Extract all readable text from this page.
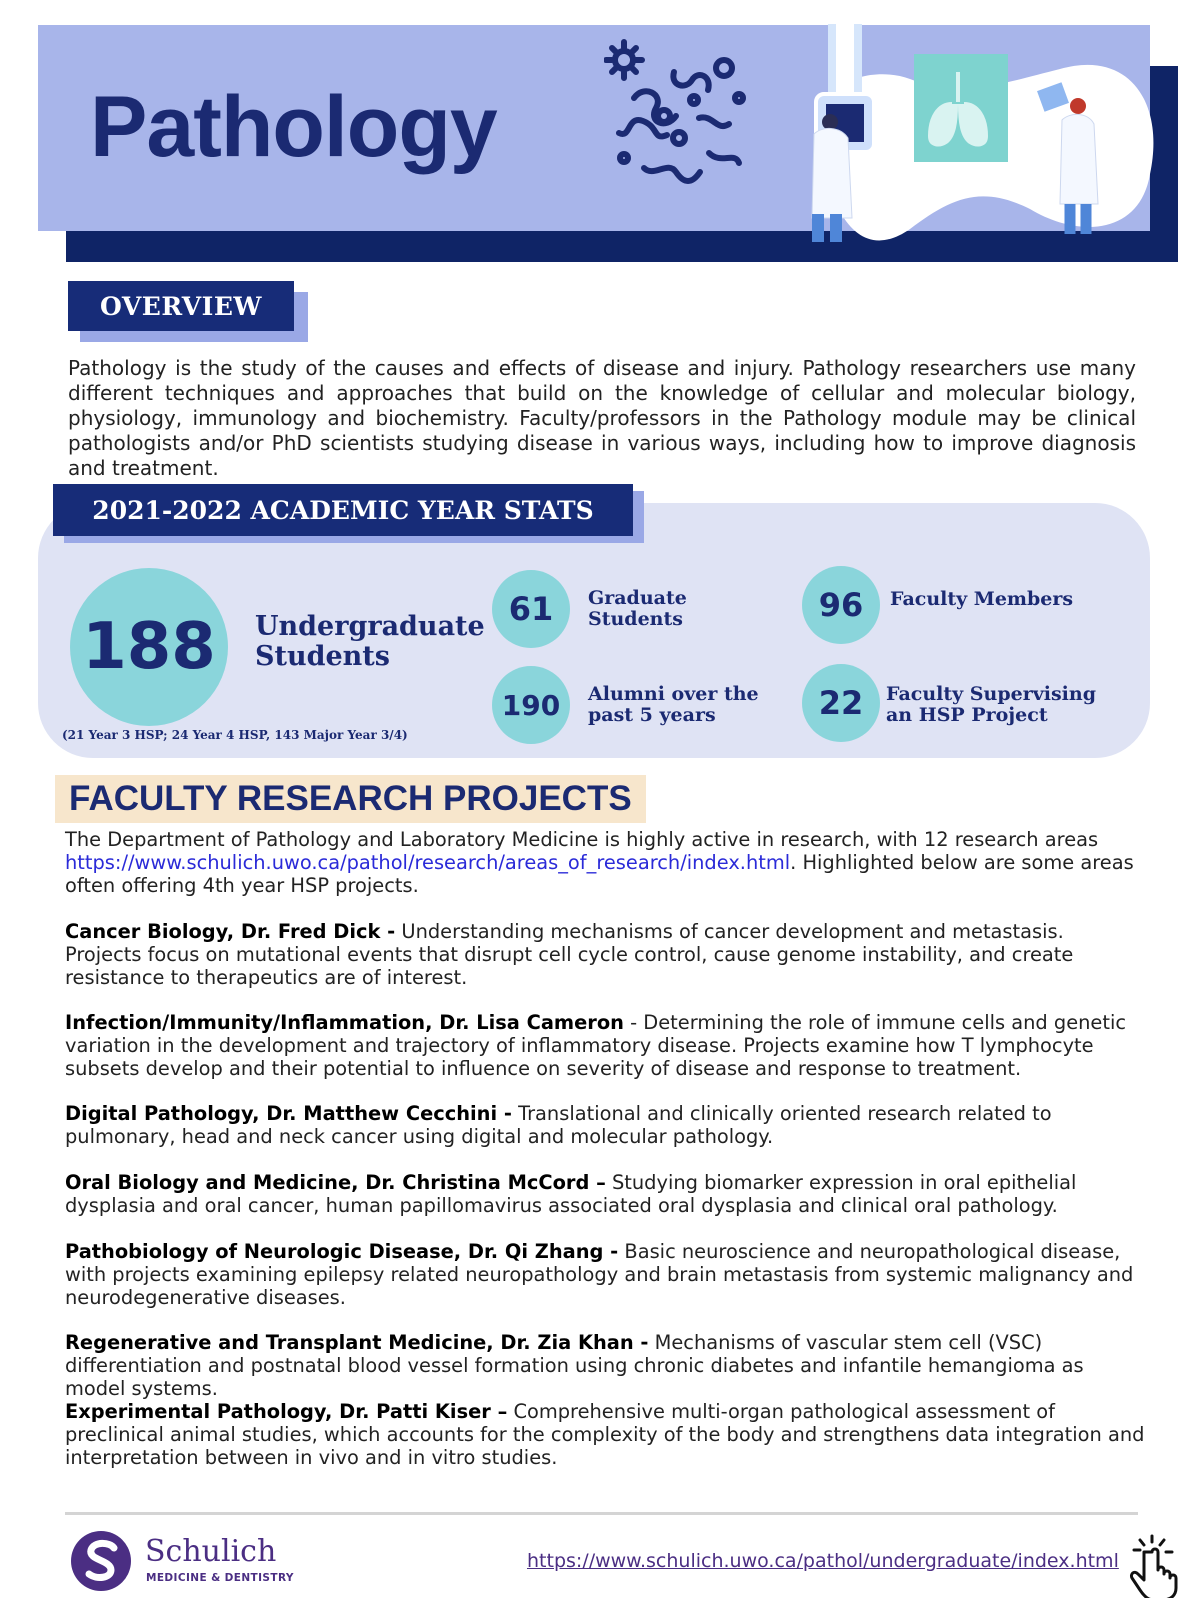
Pathology
OVERVIEW
Pathology is the study of the causes and effects of disease and injury. Pathology researchers use many different techniques and approaches that build on the knowledge of cellular and molecular biology, physiology, immunology and biochemistry. Faculty/professors in the Pathology module may be clinical pathologists and/or PhD scientists studying disease in various ways, including how to improve diagnosis and treatment.
2021-2022 ACADEMIC YEAR STATS
188	Undergraduate Students
(21 Year 3 HSP; 24 Year 4 HSP, 143 Major Year 3/4)
61	Graduate Students	96	Faculty Members
190	Alumni over the past 5 years	22	Faculty Supervising an HSP Project
FACULTY RESEARCH PROJECTS
The Department of Pathology and Laboratory Medicine is highly active in research, with 12 research areas https://www.schulich.uwo.ca/pathol/research/areas_of_research/index.html. Highlighted below are some areas often offering 4th year HSP projects.
Cancer Biology, Dr. Fred Dick - Understanding mechanisms of cancer development and metastasis. Projects focus on mutational events that disrupt cell cycle control, cause genome instability, and create resistance to therapeutics are of interest.
Infection/Immunity/Inflammation, Dr. Lisa Cameron - Determining the role of immune cells and genetic variation in the development and trajectory of inflammatory disease. Projects examine how T lymphocyte subsets develop and their potential to influence on severity of disease and response to treatment.
Digital Pathology, Dr. Matthew Cecchini - Translational and clinically oriented research related to pulmonary, head and neck cancer using digital and molecular pathology.
Oral Biology and Medicine, Dr. Christina McCord – Studying biomarker expression in oral epithelial dysplasia and oral cancer, human papillomavirus associated oral dysplasia and clinical oral pathology.
Pathobiology of Neurologic Disease, Dr. Qi Zhang - Basic neuroscience and neuropathological disease, with projects examining epilepsy related neuropathology and brain metastasis from systemic malignancy and neurodegenerative diseases.
Regenerative and Transplant Medicine, Dr. Zia Khan - Mechanisms of vascular stem cell (VSC) differentiation and postnatal blood vessel formation using chronic diabetes and infantile hemangioma as model systems.
Experimental Pathology, Dr. Patti Kiser – Comprehensive multi-organ pathological assessment of preclinical animal studies, which accounts for the complexity of the body and strengthens data integration and interpretation between in vivo and in vitro studies.
Schulich
MEDICINE & DENTISTRY
https://www.schulich.uwo.ca/pathol/undergraduate/index.html
